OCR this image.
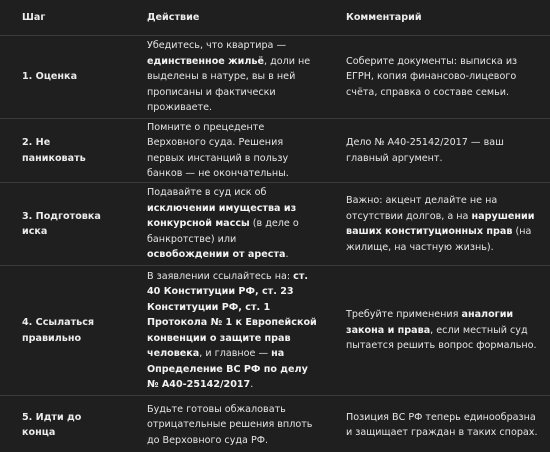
Шаг	Действие	Комментарий
1. Оценка	Убедитесь, что квартира — единственное жильё, доли не выделены в натуре, вы в ней прописаны и фактически проживаете.	Соберите документы: выписка из ЕГРН, копия финансово-лицевого счёта, справка о составе семьи.
2. Не паниковать	Помните о прецеденте Верховного суда. Решения первых инстанций в пользу банков — не окончательны.	Дело № А40-25142/2017 — ваш главный аргумент.
3. Подготовка иска	Подавайте в суд иск об исключении имущества из конкурсной массы (в деле о банкротстве) или освобождении от ареста.	Важно: акцент делайте не на отсутствии долгов, а на нарушении ваших конституционных прав (на жилище, на частную жизнь).
4. Ссылаться правильно	В заявлении ссылайтесь на: ст. 40 Конституции РФ, ст. 23 Конституции РФ, ст. 1 Протокола № 1 к Европейской конвенции о защите прав человека, и главное — на Определение ВС РФ по делу № А40-25142/2017.	Требуйте применения аналогии закона и права, если местный суд пытается решить вопрос формально.
5. Идти до конца	Будьте готовы обжаловать отрицательные решения вплоть до Верховного суда РФ.	Позиция ВС РФ теперь единообразна и защищает граждан в таких спорах.
